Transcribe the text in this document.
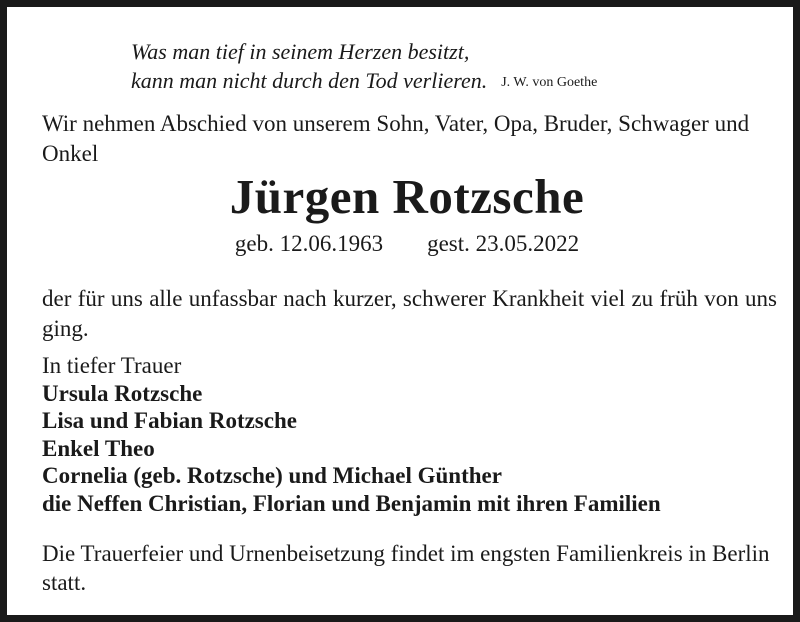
Was man tief in seinem Herzen besitzt,
kann man nicht durch den Tod verlieren. J. W. von Goethe
Wir nehmen Abschied von unserem Sohn, Vater, Opa, Bruder, Schwager und Onkel
Jürgen Rotzsche
geb. 12.06.1963 gest. 23.05.2022
der für uns alle unfassbar nach kurzer, schwerer Krankheit viel zu früh von uns ging.
In tiefer Trauer
Ursula Rotzsche
Lisa und Fabian Rotzsche
Enkel Theo
Cornelia (geb. Rotzsche) und Michael Günther
die Neffen Christian, Florian und Benjamin mit ihren Familien
Die Trauerfeier und Urnenbeisetzung findet im engsten Familienkreis in Berlin statt.
